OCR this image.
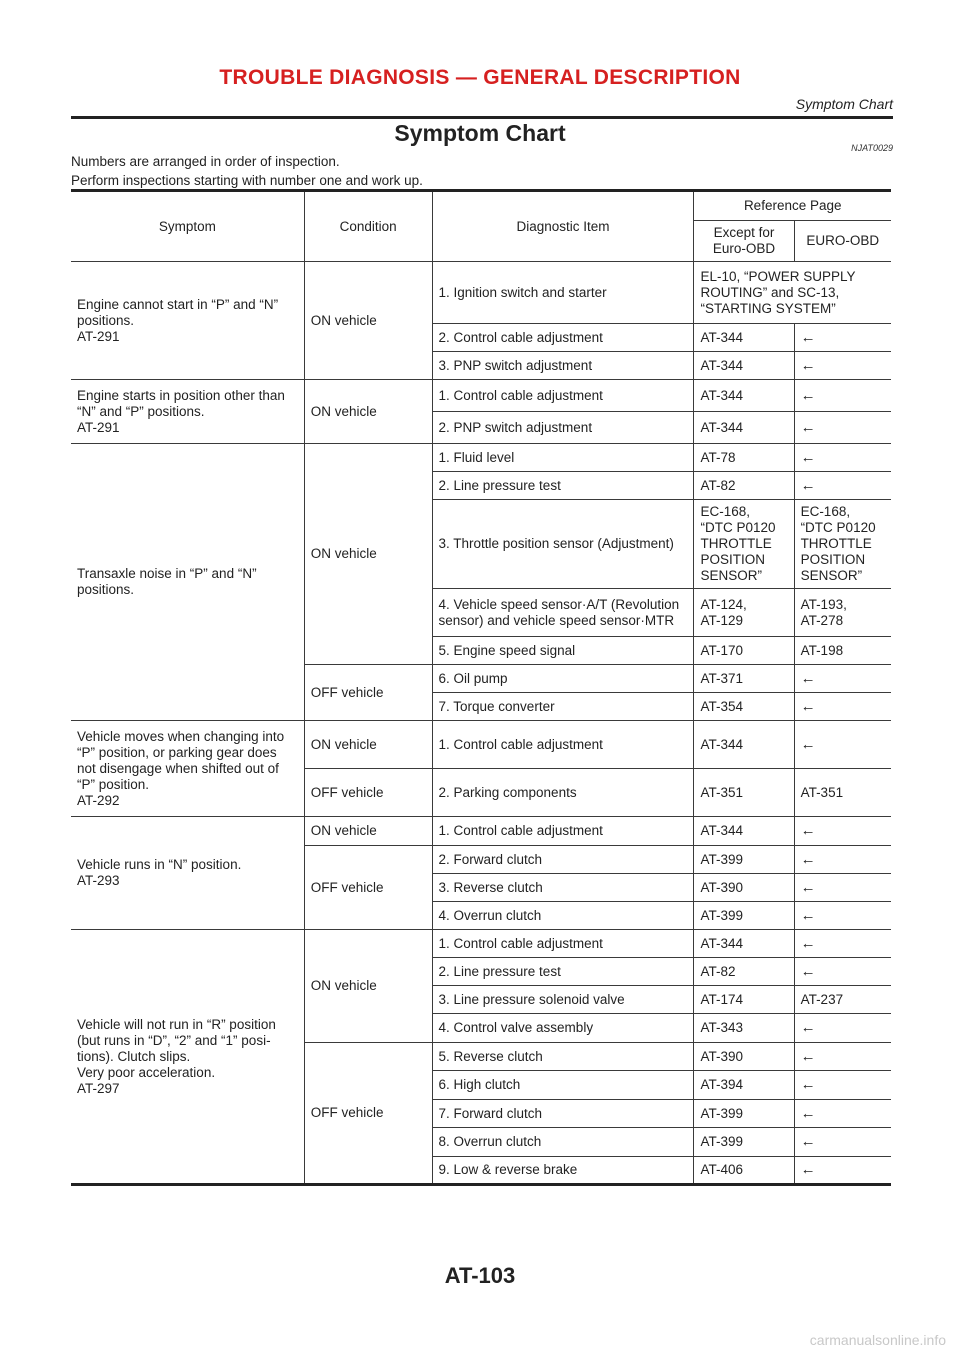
TROUBLE DIAGNOSIS — GENERAL DESCRIPTION
Symptom Chart
Symptom Chart
NJAT0029
Numbers are arranged in order of inspection.
Perform inspections starting with number one and work up.
Symptom	Condition	Diagnostic Item	Reference Page	
			Except for Euro-OBD	EURO-OBD
Engine cannot start in “P” and “N” positions.
AT-291	ON vehicle	1. Ignition switch and starter	EL-10, “POWER SUPPLY ROUTING” and SC-13, “STARTING SYSTEM”	
		2. Control cable adjustment	AT-344	←
		3. PNP switch adjustment	AT-344	←
Engine starts in position other than “N” and “P” positions.
AT-291	ON vehicle	1. Control cable adjustment	AT-344	←
		2. PNP switch adjustment	AT-344	←
Transaxle noise in “P” and “N” positions.	ON vehicle	1. Fluid level	AT-78	←
		2. Line pressure test	AT-82	←
		3. Throttle position sensor (Adjustment)	EC-168,
“DTC P0120
THROTTLE
POSITION
SENSOR”	EC-168,
“DTC P0120
THROTTLE
POSITION
SENSOR”
		4. Vehicle speed sensor·A/T (Revolution sensor) and vehicle speed sensor·MTR	AT-124,
AT-129	AT-193,
AT-278
		5. Engine speed signal	AT-170	AT-198
	OFF vehicle	6. Oil pump	AT-371	←
		7. Torque converter	AT-354	←
Vehicle moves when changing into “P” position, or parking gear does not disengage when shifted out of “P” position.
AT-292	ON vehicle	1. Control cable adjustment	AT-344	←
	OFF vehicle	2. Parking components	AT-351	AT-351
Vehicle runs in “N” position.
AT-293	ON vehicle	1. Control cable adjustment	AT-344	←
	OFF vehicle	2. Forward clutch	AT-399	←
		3. Reverse clutch	AT-390	←
		4. Overrun clutch	AT-399	←
Vehicle will not run in “R” position (but runs in “D”, “2” and “1” posi-tions). Clutch slips.
Very poor acceleration.
AT-297	ON vehicle	1. Control cable adjustment	AT-344	←
		2. Line pressure test	AT-82	←
		3. Line pressure solenoid valve	AT-174	AT-237
		4. Control valve assembly	AT-343	←
	OFF vehicle	5. Reverse clutch	AT-390	←
		6. High clutch	AT-394	←
		7. Forward clutch	AT-399	←
		8. Overrun clutch	AT-399	←
		9. Low & reverse brake	AT-406	←
AT-103
carmanualsonline.info
